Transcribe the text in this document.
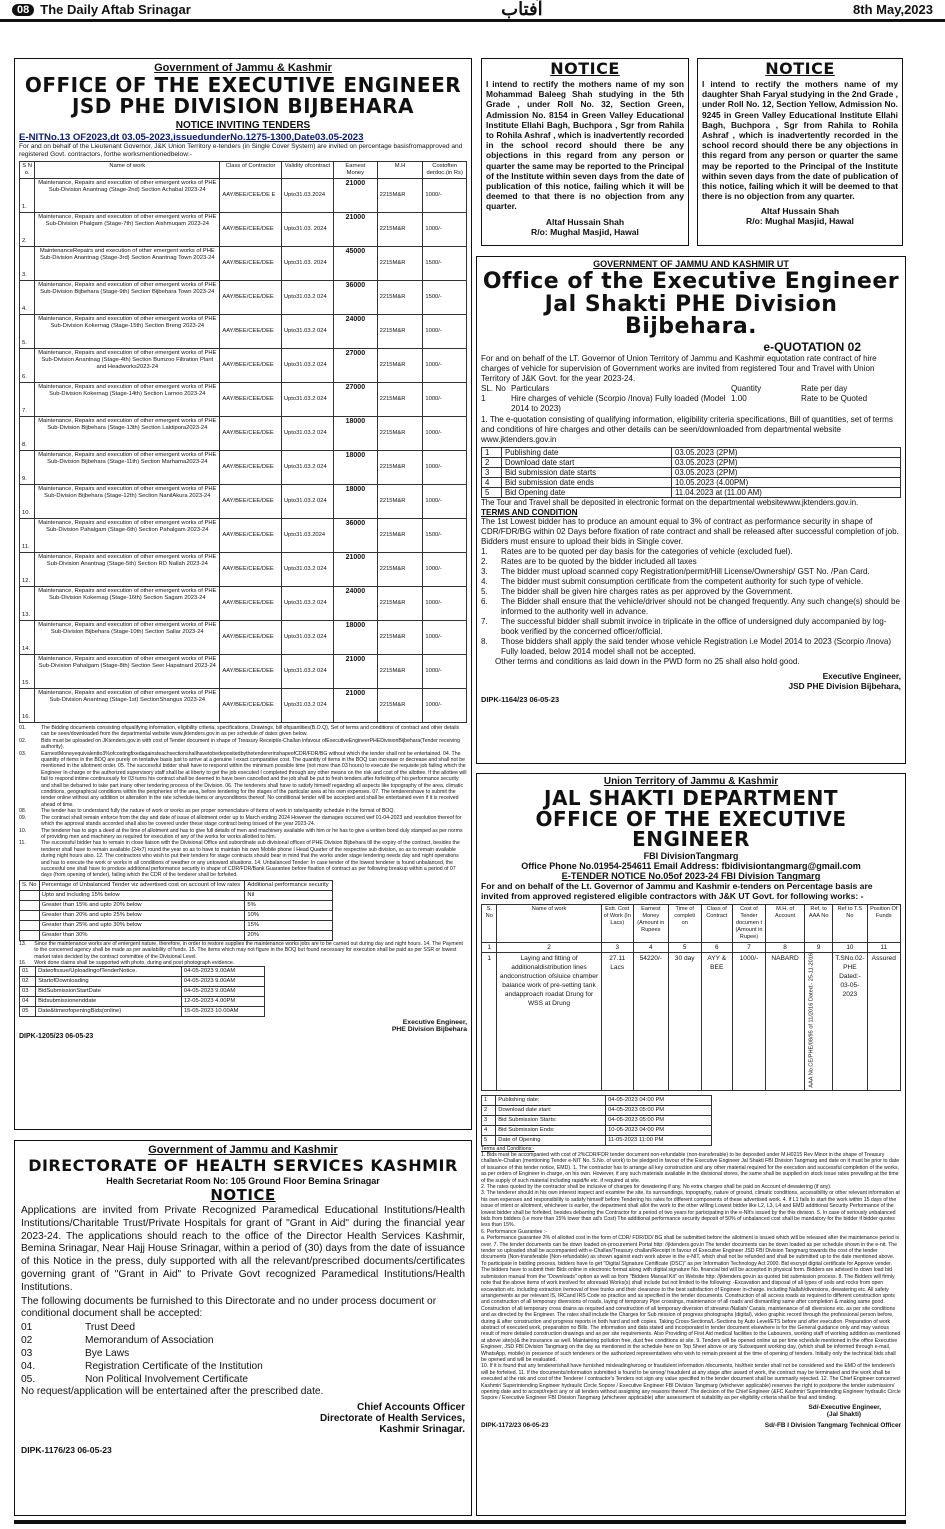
08 The Daily Aftab Srinagar	آفتاب	8th May,2023
Government of Jammu & Kashmir
OFFICE OF THE EXECUTIVE ENGINEER
JSD PHE DIVISION BIJBEHARA
NOTICE INVITING TENDERS
E-NITNo.13 OF2023,dt 03.05-2023,issuedunderNo.1275-1300,Date03.05-2023
For and on behalf of the Lieutenant Governor, J&K Union Territory e-tenders (in Single Cover System) are invited on percentage basisfromapproved and registered Govt. contractors, forthe worksmentionedbelow:-
S N o.	Name of work	Class of Contractor	Validity ofcontract	Earnest Money	M.H	Costoften derdoc.(in Rs)
1.	Maintenance, Repairs and execution of other emergent works of PHE Sub-Division Anantnag (Stage-2nd) Section Achabal 2023-24	AAY/BEE/CEE/DE E	Upto31.03.2024	21000	2215M&R	1000/-
2.	Maintenance, Repairs and execution of other emergent works of PHE Sub-Division Phalgam (Stage-7th) Section Aishmuqam 2023-24	AAY/BEE/CEE/DEE	Upto31.03. 2024	21000	2215M&R	1000/-
3.	MaintenanceRepairs and execution of other emergent works of PHE Sub-Division Anantnag (Stage-3rd) Section Anantnag Town 2023-24	AAY/BEE/CEE/DEE	Upto31.03. 2024	45000	2215M&R	1500/-
4.	Maintenance, Repairs and execution of other emergent works of PHE Sub-Division Bijbehara (Stage-9th) Section Bijbehara Town 2023-24	AAY/BEE/CEE/DEE	Upto31.03.2 024	36000	2215M&R	1500/-
5.	Maintenance, Repairs and execution of other emergent works of PHE Sub-Division Kokernag (Stage-15th) Section Breng 2023-24	AAY/BEE/CEE/DEE	Upto31.03.2 024	24000	2215M&R	1000/-
6.	Maintenance, Repairs and execution of other emergent works of PHE Sub-Division Anantnag (Stage-4th) Section Bumzoo Filtration Plant and Headworks2023-24	AAY/BEE/CEE/DEE	Upto31.03.2 024	27000	2215M&R	1000/-
7.	Maintenance, Repairs and execution of other emergent works of PHE Sub-Division Kokernag (Stage-14th) Section Larnoo 2023-24	AAY/BEE/CEE/DEE	Upto31.03.2 024	27000	2215M&R	1000/-
8.	Maintenance, Repairs and execution of other emergent works of PHE Sub-Division Bijbehara (Stage-13th) Section Laktipora2023-24	AAY/BEE/CEE/DEE	Upto31.03.2 024	18000	2215M&R	1000/-
9.	Maintenance, Repairs and execution of other emergent works of PHE Sub-Division Bijbehara (Stage-11th) Section Marhama2023-24	AAY/BEE/CEE/DEE	Upto31.03.2 024	18000	2215M&R	1000/-
10.	Maintenance, Repairs and execution of other emergent works of PHE Sub-Division Bijbehara (Stage-12th) Section NanilAkura 2023-24	AAY/BEE/CEE/DEE	Upto31.03.2 024	18000	2215M&R	1000/-
11.	Maintenance, Repairs and execution of other emergent works of PHE Sub-Division Pahalgam (Stage-6th) Section Pahalgam 2023-24	AAY/BEE/CEE/DEE	Upto31.03.2024	36000	2215M&R	1500/-
12.	Maintenance, Repairs and execution of other emergent works of PHE Sub-Division Anantnag (Stage-5th) Section RD Nallah 2023-24	AAY/BEE/CEE/DEE	Upto31.03.2 024	21000	2215M&R	1000/-
13.	Maintenance, Repairs and execution of other emergent works of PHE Sub-Division Kokernag (Stage-16th) Section Sagam 2023-24	AAY/BEE/CEE/DEE	Upto31.03.2 024	24000	2215M&R	1000/-
14.	Maintenance, Repairs and execution of other emergent works of PHE Sub-Division Bijbehara (Stage-10th) Section Sallar 2023-24	AAY/BEE/CEE/DEE	Upto31.03.2 024	18000	2215M&R	1000/-
15.	Maintenance, Repairs and execution of other emergent works of PHE Sub-Division Pahalgam (Stage-8th) Section Seer Hapatnard 2023-24	AAY/BEE/CEE/DEE	Upto31.03.2 024	21000	2215M&R	1000/-
16.	Maintenance, Repairs and execution of other emergent works of PHE Sub-Division Anantnag (Stage-1st) SectionShangus 2023-24	AAY/BEE/CEE/DEE	Upto31.03.2 024	21000	2215M&R	1000/-
01.	The Bidding documents consisting ofqualifying information, eligibility criteria, specifications, Drawings, bill ofquantities(B.O.Q), Set of terms and conditions of contract and other details can be seen/downloaded from the departmental website www.jktenders.gov.in as per schedule of dates given below.
02.	Bids must be uploaded on JKtenders.gov.in with cost of Tender document in shape of Treasury Receipt/e-Challan infavour ofExecutiveEngineerPHEDivisionBijbehara(Tender receiving authority).
03.	EarnestMoneyequivalentto3%ofcostingfixedagainsteachsectionshallhavetobedepositedbythetendererinshapeofCDR/FDR/BG without which the tender shall not be entertained. 04. The quantity of items in the BOQ are purely on tentative basis just to arrive at a genuine I exact comparative cost. The quantity of items in the BOQ can increase or decrease and shall not be mentioned in the allotment order. 05. The successful bidder shall have to respond within the minimum possible time (not more than 03 hours) to execute the requisite job failing which the Engineer In-charge or the authorized supervisory staff shall be at liberty to get the job executed I completed through any other means on the risk and cost of the allottee. If the allottee will fail to respond intime continuously for 03 turns his contract shall be deemed to have been cancelled and the job shall be put to fresh tenders after forfeiting of his performance security and shall be debarred to take part inany other tendering process of the Division. 06. The tenderers shall have to satisfy himself regarding all aspects like topography of the area, climatic conditions, geographical conditions within the peripheries of the area, before tendering for the stages of the particular area at his own expenses. 07. The tenderershave to submit the tender online without any addition or alteration in the rate schedule items or anyconditions thereof. No conditional tender will be accepted and shall be entertained even if it is received ahead of time.
08.	The tender has to understand fully the nature of work or works as per proper nomenclature of items of work in rate/quantity schedule in the format of BOQ.
09.	The contract shall remain enforce from the day and date of issue of allotment order up to March ending 2024 However the damages occurred wef 01-04-2023 and resolution thereof for which the approval stands accorded shall also be covered under these stage contract being issued of the year 2023-24.
10.	The tenderer has to sign a deed at the time of allotment and has to give full details of men and machinery available with him or he has to give a written bond duly stamped as per norms of providing men and machinery as required for execution of any of the works for works allotted to him.
11.	The successful bidder has to remain in close liaison with the Divisional Office and subordinate sub divisional offices of PHE Division Bijbehara till the expiry of the contract, besides the tenderer shall have to remain available (24x7) round the year so as to have to maintain his own Mobile phone I Head Quarter of the respective sub division, so as to remain available during night hours also. 12. The contractors who wish to put their tenders for stage contracts should bear in mind that the works under stage tendering needs day and night operations and has to execute the work or works in all conditions of weather or any untoward situations. 14. Unbalanced Tender: In case tender of the lowest tenderer is found unbalanced, the successful one shall have to produce additional performance security in shape of CDR/FDR/Bank Guarantee before fixation of contract as per following breakup within a period of 07 days (from opening of tender), failing which the CDR of the tenderer shall be forfeited.
S. No	Percentage of Unbalanced Tender viz advertised cost on account of low rates	Additional performance security
	Upto and including 15% below	Nil
	Greater than 15% and upto 20% below	5%
	Greater than 20% and upto 25% below	10%
	Greater than 25% and upto 30% below	15%
	Greater than 30%	20%
13. Since the maintenance works are of emergent nature, therefore, in order to restore supplies the maintenance works jobs are to be carried out during day and night hours. 14. The Payment to the concerned agency shall be made as per availability of funds. 15. The items which may not figure in the BOQ but found necessary for execution shall be paid as per SSR or lowest market rates decided by the contract committee of the Divisional Level.
16. Work done claims shall be supported with photo, during and post photograph evidence.
01	Dateofissue/UploadingofTenderNotice.	04-05-2023 9.00AM
02	StartofDownloading	04-05-2023 9.00AM
03	BidSubmissionStartDate	04-05-2023 9.00AM
04	Bidsubmissionenddate	12-05-2023 4.00PM
05	Date&timeofopeningBids(online)	15-05-2023 10.00AM
Executive Engineer,
PHE Division Bijbehara
DIPK-1205/23 06-05-23
NOTICE
I intend to rectify the mothers name of my son Mohammad Baleeg Shah studying in the 5th Grade , under Roll No. 32, Section Green, Admission No. 8154 in Green Valley Educational Institute Ellahi Bagh, Buchpora , Sgr from Rahila to Rohila Ashraf , which is inadvertently recorded in the school record should there be any objections in this regard from any person or quarter the same may be reported to the Principal of the Institute within seven days from the date of publication of this notice, failing which it will be deemed to that there is no objection from any quarter.
Altaf Hussain Shah
R/o: Mughal Masjid, Hawal
NOTICE
I intend to rectify the mothers name of my daughter Shah Faryal studying in the 2nd Grade , under Roll No. 12, Section Yellow, Admission No. 9245 in Green Valley Educational Institute Ellahi Bagh, Buchpora , Sgr from Rahila to Rohila Ashraf , which is inadvertently recorded in the school record should there be any objections in this regard from any person or quarter the same may be reported to the Principal of the Institute within seven days from the date of publication of this notice, failing which it will be deemed to that there is no objection from any quarter.
Altaf Hussain Shah
R/o: Mughal Masjid, Hawal
GOVERNMENT OF JAMMU AND KASHMIR UT
Office of the Executive Engineer
Jal Shakti PHE Division Bijbehara.
e-QUOTATION 02
For and on behalf of the LT. Governor of Union Territory of Jammu and Kashmir equotation rate contract of hire charges of vehicle for supervision of Government works are invited from registered Tour and Travel with Union Territory of J&K Govt. for the year 2023-24.
SL. No Particulars	Quantity	Rate per day
1	Hire charges of vehicle (Scorpio /Inova) Fully loaded (Model 2014 to 2023)
1.00	Rate to be Quoted
1. The e-quotation consisting of qualifying information, eligibility criteria specifications, Bill of quantities, set of terms and conditions of hire charges and other details can be seen/downloaded from departmental website www.jktenders.gov.in
1	Publishing date	03.05.2023 (2PM)
2	Download date start	03.05.2023 (2PM)
3	Bid submission date starts	03.05.2023 (2PM)
4	Bid submission date ends	10.05.2023 (4.00PM)
5	Bid Opening date	11.04.2023 at (11.00 AM)
The Tour and Travel shall be deposited in electronic format on the departmental websitewww.jktenders.gov.in.
TERMS AND CONDITION
The 1st Lowest bidder has to produce an amount equal to 3% of contract as performance security in shape of CDR/FDR/BG within 02 Days before fixation of rate contract and shall be released after successful completion of job. Bidders must ensure to upload their bids in Single cover.
1.	Rates are to be quoted per day basis for the categories of vehicle (excluded fuel).
2.	Rates are to be quoted by the bidder included all taxes
3.	The bidder must upload scanned copy Registration/permit/Hill License/Ownership/ GST No. /Pan Card.
4.	The bidder must submit consumption certificate from the competent authority for such type of vehicle.
5.	The bidder shall be given hire charges rates as per approved by the Government.
6.	The Bidder shall ensure that the vehicle/driver should not be changed frequently. Any such change(s) should be informed to the authority well in advance.
7.	The successful bidder shall submit invoice in triplicate in the office of undersigned duly accompanied by log-book verified by the concerned officer/official.
8.	Those bidders shall apply the said tender whose vehicle Registration i.e Model 2014 to 2023 (Scorpio /Inova) Fully loaded, below 2014 model shall not be accepted.
Other terms and conditions as laid down in the PWD form no 25 shall also hold good.
Executive Engineer,
JSD PHE Division Bijbehara,
DIPK-1164/23 06-05-23
Union Territory of Jammu & Kashmir
JAL SHAKTI DEPARTMENT
OFFICE OF THE EXECUTIVE ENGINEER
FBI DivisionTangmarg
Office Phone No.01954-254611 Email Address: fbidivisiontangmarg@gmail.com
E-TENDER NOTICE No.05of 2023-24 FBI Division Tangmarg
For and on behalf of the Lt. Governor of Jammu and Kashmir e-tenders on Percentage basis are invited from approved registered eligible contractors with J&K UT Govt. for following works: -
S. No	Name of work	Estt. Cost of Work (In Lacs)	Earnest Money (Amount in Rupees	Time of completi on	Class of Contract	Cost of Tender documen t (Amount in Rupee)	M.H. of Account	Ref. to AAA No	Ref to T.S No	Position Of Funds
1	2	3	4	5	6	7	8	9	10	11
1	Laying and fitting of additionaldistribution lines andconstruction ofsluice chamber balance work of pre-setting tank andapproach roadat Drung for WSS at Drung	27.11 Lacs	54220/-	30 day	AYY & BEE	1000/-	NABARD	AAA No.CE/PHE/08/95 of 11/2016 Dated:- 25-11-2016	T.SNo.02-PHE Dated:- 03-05-2023	Assured
1	Publishing date:	04-05-2023 04:00 PM
2	Download date start:	04-05-2023 05:00 PM
3	Bid Submission Starts:	04-05-2023 05:00 PM
4	Bid Submission Ends:	10-05-2023 04:00 PM
5	Date of Opening	11-05-2023 11:00 PM
Terms and Conditions:-
1. Bids must be accompanied with cost of 2%CDR/FDR tender document non-refundable (non-transferable) to be deposited under M.H0215 Rev Minor in the shape of Treasury challan/e-Challan (mentioning Tender e-NIT No. S.No. of work) to be pledged in favour of the Executive Engineer Jal Shakti FBI Division Tangmarg and date on it must be prior to date of issuance of this tender notice, EMD). 1. The contractor has to arrange all key construction and any other material required for the execution and successful completion of the works, as per orders of Engineer in charge, on his own. However, if any such materials available in the divisional stores, the same shall be supplied on stock issue rates prevailing at the time of the supply of such material including rapid/fe etc. if required at site.
2. The rates quoted by the contractor shall be inclusive of charges for dewatering if any. No extra charges shall be paid on Account of dewatering (if any).
3. The tenderer should in his own interest inspect and examine the site, its surroundings, topography, nature of ground, climatic conditions, accessibility or other relevant information at his own expenses and responsibility to satisfy himself before Tendering his rates for different components of these advertised work. 4. If L1 fails to start the work within 15 days of the issue of intent or allotment, whichever is earlier, the department shall allot the work to the other willing Lowest bidder like L2, L3, L4 and EMD additional Security Performance of the lowest bidder shall be forfeited, besides debarring the Contractor for a period of two years for participating in the e-NIt's issued by the this division. 5. In case of seriously unbalanced bids from bidders (i.e more than 15% lower than ad's Cost) The additional performance security deposit of 50% of unbalanced cost shall be mandatory for the bidder if bidder quotes less than 15%.
6. Performance Guarantee :-
a. Performance guarantee 3% of allotted cost in the form of CDR/ FDR/DD/ BG shall be submitted before the allotment is issued which will be released after the maintenance period is over. 7. The tender documents can be down loaded on-procurement Portal http: //jktenders.gov.in The tender documents can be down loaded as per schedule shown in the e-nit. The tender so uploaded shall be accompanied with e-Challan/Treasury challan/Receipt in favour of Executive Engineer JSD FBI Division Tangmarg towards the cost of the tender documents (Non-transferable (Non-refundable) as shown against each work above in the e-NIT, which shall not be refunded and shall be submitted up to the date mentioned above. To participate in bidding process, bidders have to get "Digital Signature Certificate (DSC)" as per Information Technology Act 2000. Bid escrypt digital certificate for Approve vender. The bidders have to submit their Bids online in electronic format along with digital signature No. financial bid will be accepted in physical form. Bidders are advised to down load bid submission manual from the "Downloads" option as well as from "Bidders Manual Kit" on Website http: //jktenders.gov.in as quoted bid submission process. 8. The Bidders will firmly note that the above items of work involved for aforesaid Works(s) shall include but not limited to the following: -Excavation and disposal of all types of soils and rocks from open excavation etc. including extraction /removal of tree trunks and their clearance to the best satisfaction of Engineer in-charge. including Nallah/diversions, dewatering etc. All safety arrangements as per relevant IS, IRCand IRS Code so practice and as specified in the tender documents. Construction of all access roads as required to different construction spots and construction of all temporary diversions of roads, laying of temporary Pipe crossings, maintenance of all roads and dismantling same after completion & making same good. Construction of all temporary cross drains as required and construction of all temporary diversion of streams /Nallah/ Canals, maintenance of all diversions etc. as per site conditions and as directed by the Engineer. The rates shall include the Charges for Sub mission of progress photographs (digital), video graphic record through the professional person before, during & after construction and progress reports in both hard and soft copies. Taking Cross-Sections/L-Sections by Auto Level/ETS before and after execution. Preparation of work abstract of executed work, preparation no Bills. The information and data stated and incorporated in tender document elsewhere is for the General guidance only and may various result of more detailed construction drawings and as per site requirements. Also Providing of First Aid medical facilities to the Labourers, working staff of working addition as mentioned at above site(s)& the insurance as well. Maintaining pollution free, dust free conditions at site. 9. Tenders will be opened online as per time schedule mentioned in the office Executive Engineer, JSD FBI Division Tangmarg on the day as mentioned in the schedule here on Top Sheet above or any Subsequent working day, (which shall be informed through e-mail, WhatsApp, mobile) in presence of such tenderers or the authorized representatives who wish to remain present at the time of opening of tenders. Initially only the technical bids shall be opened and will be evaluated.
10. If it is found that any tenderer/shall have furnished misleading/wrong or fraudulent information /documents, his/their tender shall not be considered and the EMD of the tenderer/s will be forfeited. 11. If the documents/information submitted is found to be wrong/ fraudulent at any stage after award of work, the contract may be terminated and the work shall be executed at the risk and cost of the Tenderer / contractor's Tenders not sign any value specified in the tender document shall be summarily rejected. 12. The Chief Engineer concerned Kashmir/ Superintending Engineer hydraulic Circle Sopore / Executive Engineer FBI Division Tangmarg (whichever applicable) reserves the right to postpone the tender submission/ opening date and to accept/reject any or all tenders without assigning any reasons thereof. The decision of the Chief Engineer (&FC Kashmir/ Superintending Engineer hydraulic Circle Sopore / Executive Engineer FBI Division Tangmarg (whichever applicable) after assessment of suitability as per eligibility criteria shall be final and binding.
Sd/-Executive Engineer,
(Jal Shakti)
DIPK-1172/23 06-05-23	Sd/-FB I Division Tangmarg Technical Officer
Government of Jammu and Kashmir
DIRECTORATE OF HEALTH SERVICES KASHMIR
Health Secretariat Room No: 105 Ground Floor Bemina Srinagar
NOTICE
Applications are invited from Private Recognized Paramedical Educational Institutions/Health Institutions/Charitable Trust/Private Hospitals for grant of "Grant in Aid" during the financial year 2023-24. The applications should reach to the office of the Director Health Services Kashmir, Bemina Srinagar, Near Hajj House Srinagar, within a period of (30) days from the date of issuance of this Notice in the press, duly supported with all the relevant/prescribed documents/certificates governing grant of "Grant in Aid" to Private Govt recognized Paramedical Institutions/Health Institutions.
The following documents be furnished to this Directorate and no under process document or conditional document shall be accepted:
01	Trust Deed
02	Memorandum of Association
03	Bye Laws
04.	Registration Certificate of the Institution
05.	Non Political Involvement Certificate
No request/application will be entertained after the prescribed date.
Chief Accounts Officer
Directorate of Health Services,
Kashmir Srinagar.
DIPK-1176/23 06-05-23
